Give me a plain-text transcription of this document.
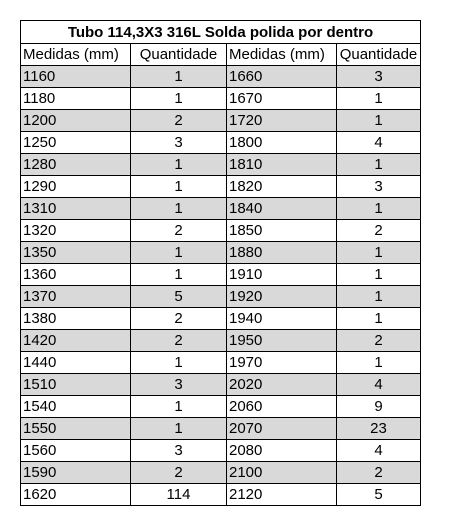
Tubo 114,3X3 316L Solda polida por dentro			
Medidas (mm)	Quantidade	Medidas (mm)	Quantidade
1160	1	1660	3
1180	1	1670	1
1200	2	1720	1
1250	3	1800	4
1280	1	1810	1
1290	1	1820	3
1310	1	1840	1
1320	2	1850	2
1350	1	1880	1
1360	1	1910	1
1370	5	1920	1
1380	2	1940	1
1420	2	1950	2
1440	1	1970	1
1510	3	2020	4
1540	1	2060	9
1550	1	2070	23
1560	3	2080	4
1590	2	2100	2
1620	114	2120	5
